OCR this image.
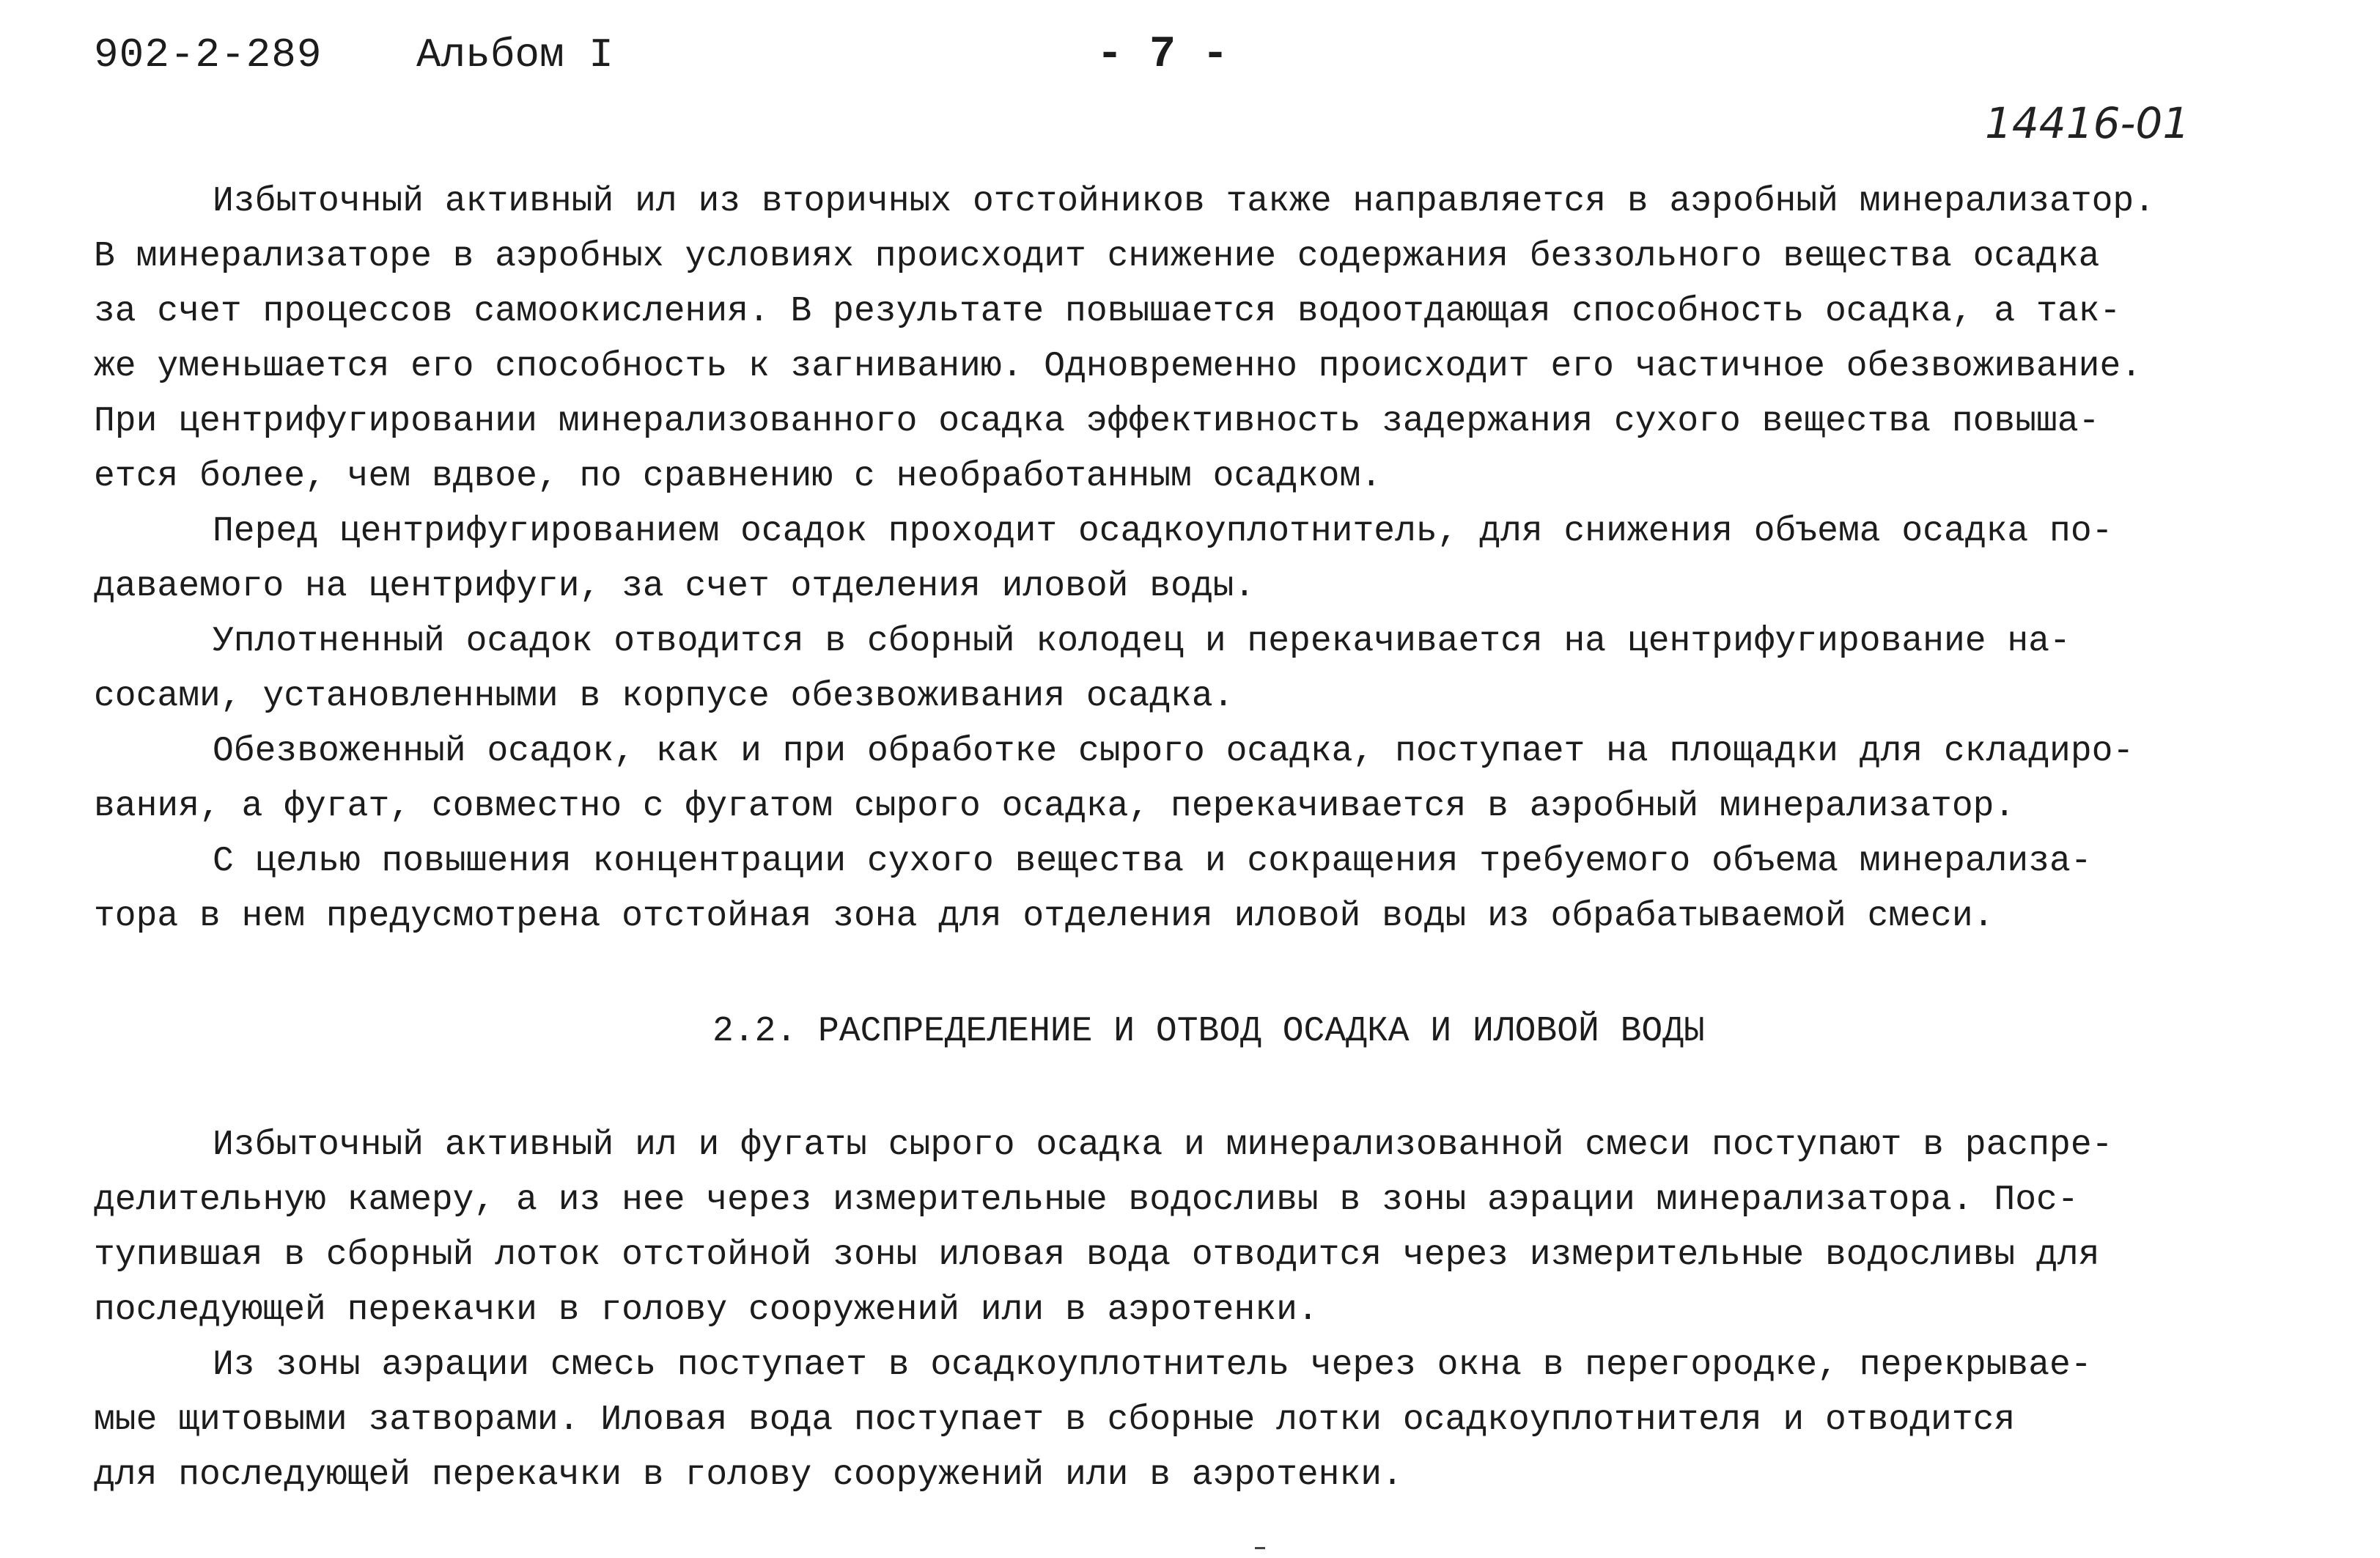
902-2-289 Альбом I	- 7 -
14416-01
Избыточный активный ил из вторичных отстойников также направляется в аэробный минерализатор.
В минерализаторе в аэробных условиях происходит снижение содержания беззольного вещества осадка
за счет процессов самоокисления. В результате повышается водоотдающая способность осадка, а так-
же уменьшается его способность к загниванию. Одновременно происходит его частичное обезвоживание.
При центрифугировании минерализованного осадка эффективность задержания сухого вещества повыша-
ется более, чем вдвое, по сравнению с необработанным осадком.
Перед центрифугированием осадок проходит осадкоуплотнитель, для снижения объема осадка по-
даваемого на центрифуги, за счет отделения иловой воды.
Уплотненный осадок отводится в сборный колодец и перекачивается на центрифугирование на-
сосами, установленными в корпусе обезвоживания осадка.
Обезвоженный осадок, как и при обработке сырого осадка, поступает на площадки для складиро-
вания, а фугат, совместно с фугатом сырого осадка, перекачивается в аэробный минерализатор.
С целью повышения концентрации сухого вещества и сокращения требуемого объема минерализа-
тора в нем предусмотрена отстойная зона для отделения иловой воды из обрабатываемой смеси.
2.2. РАСПРЕДЕЛЕНИЕ И ОТВОД ОСАДКА И ИЛОВОЙ ВОДЫ
Избыточный активный ил и фугаты сырого осадка и минерализованной смеси поступают в распре-
делительную камеру, а из нее через измерительные водосливы в зоны аэрации минерализатора. Пос-
тупившая в сборный лоток отстойной зоны иловая вода отводится через измерительные водосливы для
последующей перекачки в голову сооружений или в аэротенки.
Из зоны аэрации смесь поступает в осадкоуплотнитель через окна в перегородке, перекрывае-
мые щитовыми затворами. Иловая вода поступает в сборные лотки осадкоуплотнителя и отводится
для последующей перекачки в голову сооружений или в аэротенки.
